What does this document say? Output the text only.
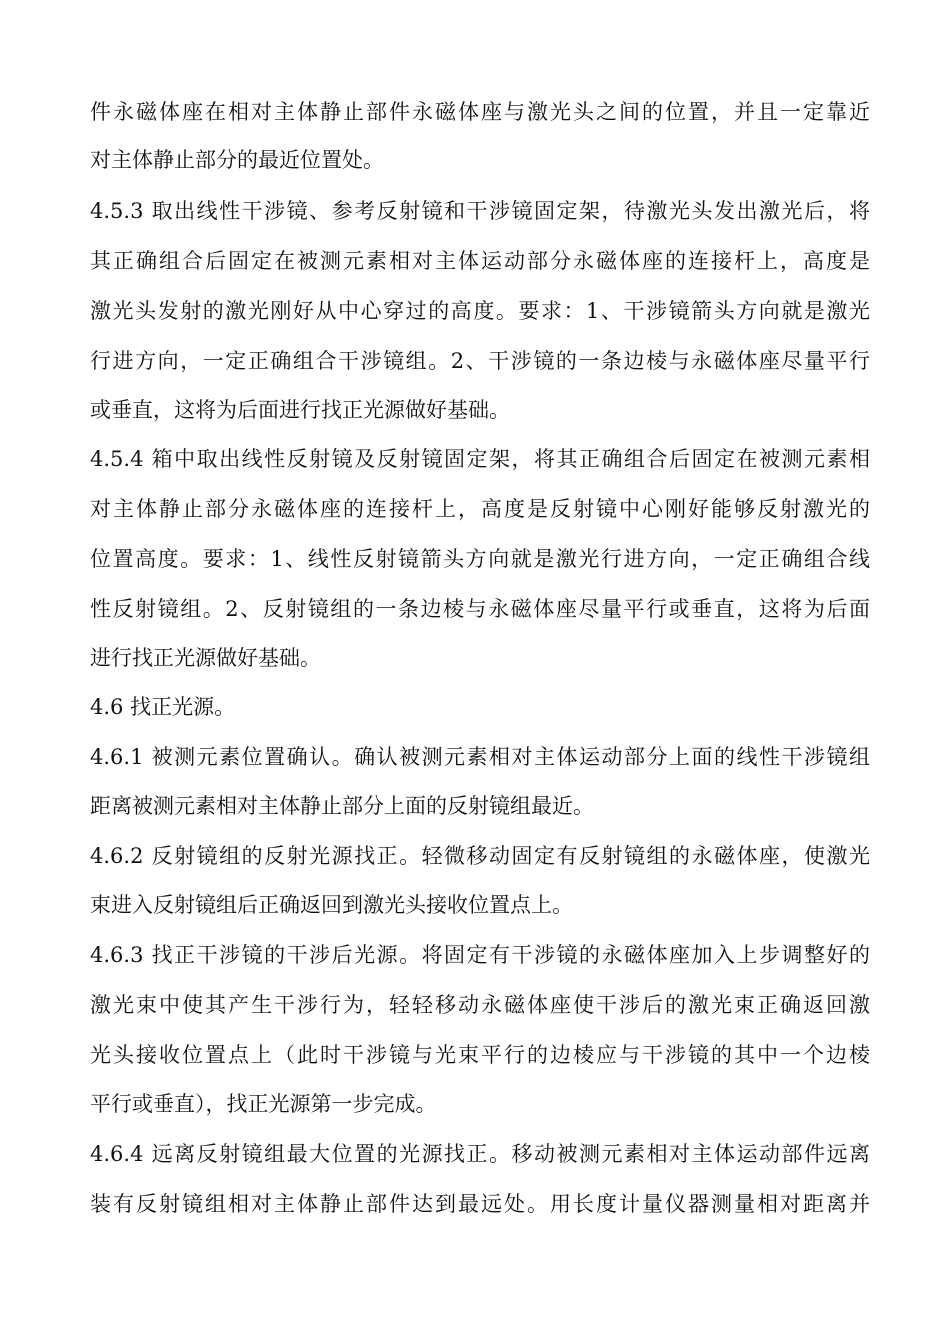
件永磁体座在相对主体静止部件永磁体座与激光头之间的位置，并且一定靠近
对主体静止部分的最近位置处。
4.5.3 取出线性干涉镜、参考反射镜和干涉镜固定架，待激光头发出激光后，将
其正确组合后固定在被测元素相对主体运动部分永磁体座的连接杆上，高度是
激光头发射的激光刚好从中心穿过的高度。要求：1、干涉镜箭头方向就是激光
行进方向，一定正确组合干涉镜组。2、干涉镜的一条边棱与永磁体座尽量平行
或垂直，这将为后面进行找正光源做好基础。
4.5.4 箱中取出线性反射镜及反射镜固定架，将其正确组合后固定在被测元素相
对主体静止部分永磁体座的连接杆上，高度是反射镜中心刚好能够反射激光的
位置高度。要求：1、线性反射镜箭头方向就是激光行进方向，一定正确组合线
性反射镜组。2、反射镜组的一条边棱与永磁体座尽量平行或垂直，这将为后面
进行找正光源做好基础。
4.6 找正光源。
4.6.1 被测元素位置确认。确认被测元素相对主体运动部分上面的线性干涉镜组
距离被测元素相对主体静止部分上面的反射镜组最近。
4.6.2 反射镜组的反射光源找正。轻微移动固定有反射镜组的永磁体座，使激光
束进入反射镜组后正确返回到激光头接收位置点上。
4.6.3 找正干涉镜的干涉后光源。将固定有干涉镜的永磁体座加入上步调整好的
激光束中使其产生干涉行为，轻轻移动永磁体座使干涉后的激光束正确返回激
光头接收位置点上（此时干涉镜与光束平行的边棱应与干涉镜的其中一个边棱
平行或垂直），找正光源第一步完成。
4.6.4 远离反射镜组最大位置的光源找正。移动被测元素相对主体运动部件远离
装有反射镜组相对主体静止部件达到最远处。用长度计量仪器测量相对距离并
